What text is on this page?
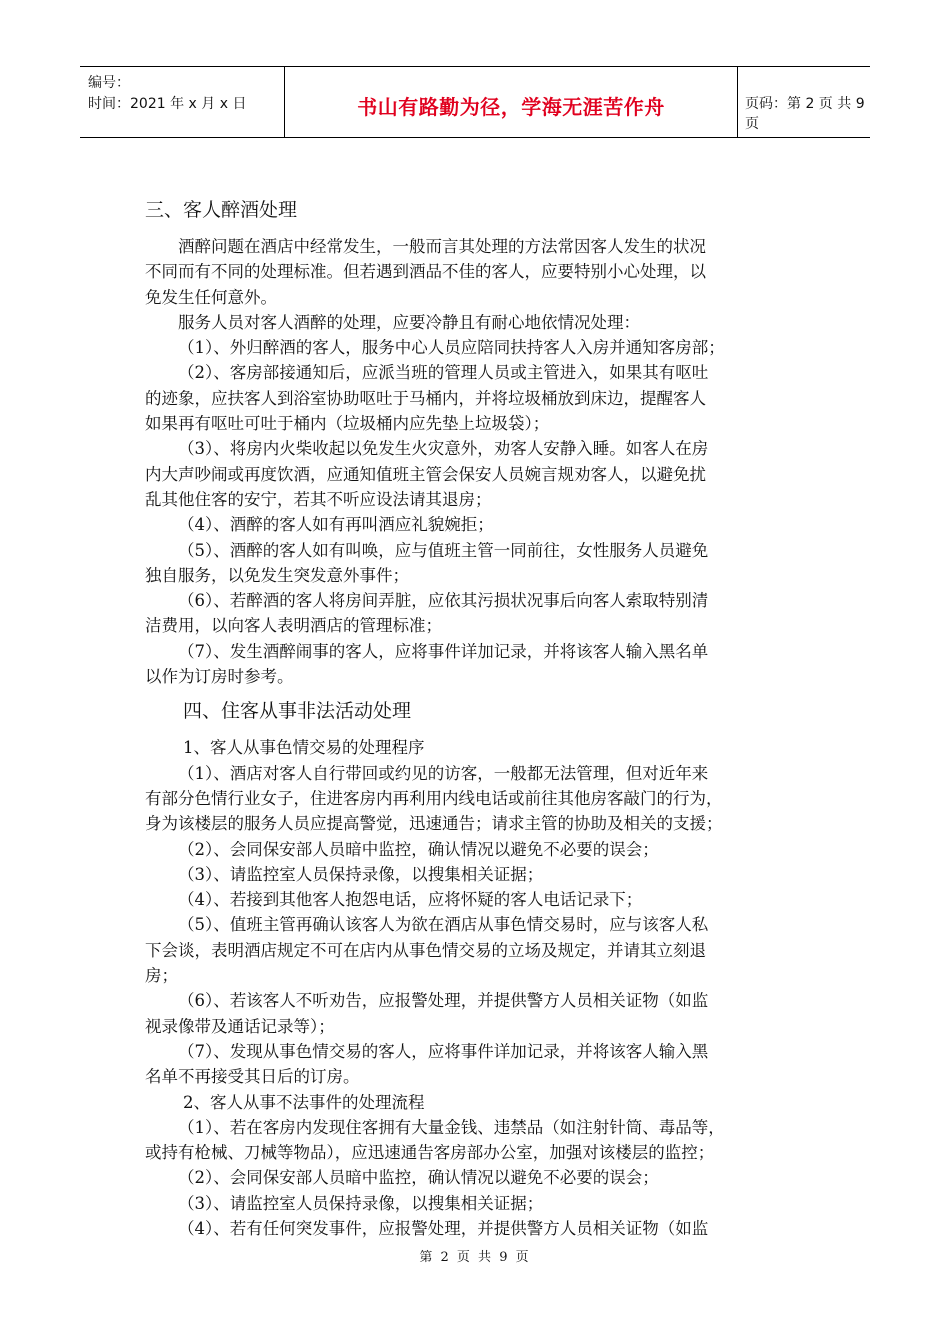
编号：
时间：2021 年 x 月 x 日	书山有路勤为径，学海无涯苦作舟	页码：第 2 页 共 9 页
三、客人醉酒处理
酒醉问题在酒店中经常发生，一般而言其处理的方法常因客人发生的状况
不同而有不同的处理标准。但若遇到酒品不佳的客人，应要特别小心处理，以
免发生任何意外。
服务人员对客人酒醉的处理，应要冷静且有耐心地依情况处理：
（1）、外归醉酒的客人，服务中心人员应陪同扶持客人入房并通知客房部；
（2）、客房部接通知后，应派当班的管理人员或主管进入，如果其有呕吐
的迹象，应扶客人到浴室协助呕吐于马桶内，并将垃圾桶放到床边，提醒客人
如果再有呕吐可吐于桶内（垃圾桶内应先垫上垃圾袋）；
（3）、将房内火柴收起以免发生火灾意外，劝客人安静入睡。如客人在房
内大声吵闹或再度饮酒，应通知值班主管会保安人员婉言规劝客人，以避免扰
乱其他住客的安宁，若其不听应设法请其退房；
（4）、酒醉的客人如有再叫酒应礼貌婉拒；
（5）、酒醉的客人如有叫唤，应与值班主管一同前往，女性服务人员避免
独自服务，以免发生突发意外事件；
（6）、若醉酒的客人将房间弄脏，应依其污损状况事后向客人索取特别清
洁费用，以向客人表明酒店的管理标准；
（7）、发生酒醉闹事的客人，应将事件详加记录，并将该客人输入黑名单
以作为订房时参考。
四、住客从事非法活动处理
1、客人从事色情交易的处理程序
（1）、酒店对客人自行带回或约见的访客，一般都无法管理，但对近年来
有部分色情行业女子，住进客房内再利用内线电话或前往其他房客敲门的行为，
身为该楼层的服务人员应提高警觉，迅速通告；请求主管的协助及相关的支援；
（2）、会同保安部人员暗中监控，确认情况以避免不必要的误会；
（3）、请监控室人员保持录像，以搜集相关证据；
（4）、若接到其他客人抱怨电话，应将怀疑的客人电话记录下；
（5）、值班主管再确认该客人为欲在酒店从事色情交易时，应与该客人私
下会谈，表明酒店规定不可在店内从事色情交易的立场及规定，并请其立刻退
房；
（6）、若该客人不听劝告，应报警处理，并提供警方人员相关证物（如监
视录像带及通话记录等）；
（7）、发现从事色情交易的客人，应将事件详加记录，并将该客人输入黑
名单不再接受其日后的订房。
2、客人从事不法事件的处理流程
（1）、若在客房内发现住客拥有大量金钱、违禁品（如注射针筒、毒品等，
或持有枪械、刀械等物品），应迅速通告客房部办公室，加强对该楼层的监控；
（2）、会同保安部人员暗中监控，确认情况以避免不必要的误会；
（3）、请监控室人员保持录像，以搜集相关证据；
（4）、若有任何突发事件，应报警处理，并提供警方人员相关证物（如监
第 2 页 共 9 页
